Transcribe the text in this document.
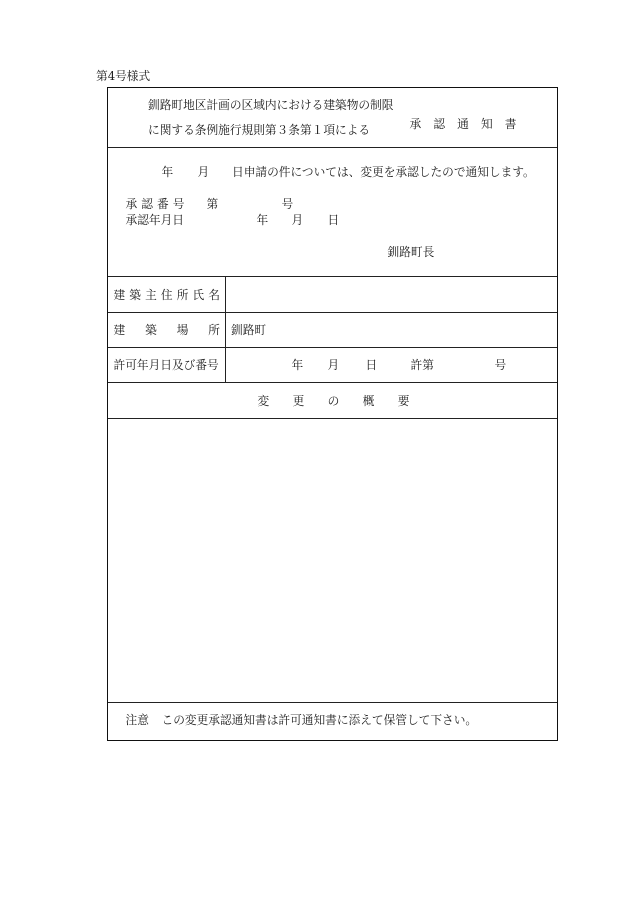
第4号様式
釧路町地区計画の区域内における建築物の制限
に関する条例施行規則第３条第１項による	承 認 通 知 書
年 月 日申請の件については、変更を承認したので通知します。
承 認 番 号 第	号
承認年月日	年 月 日
釧路町長
建 築 主 住 所 氏 名
建 築 場 所 釧路町
許可年月日及び番号	年 月 日	許第	号
変 更 の 概 要
注意 この変更承認通知書は許可通知書に添えて保管して下さい。
